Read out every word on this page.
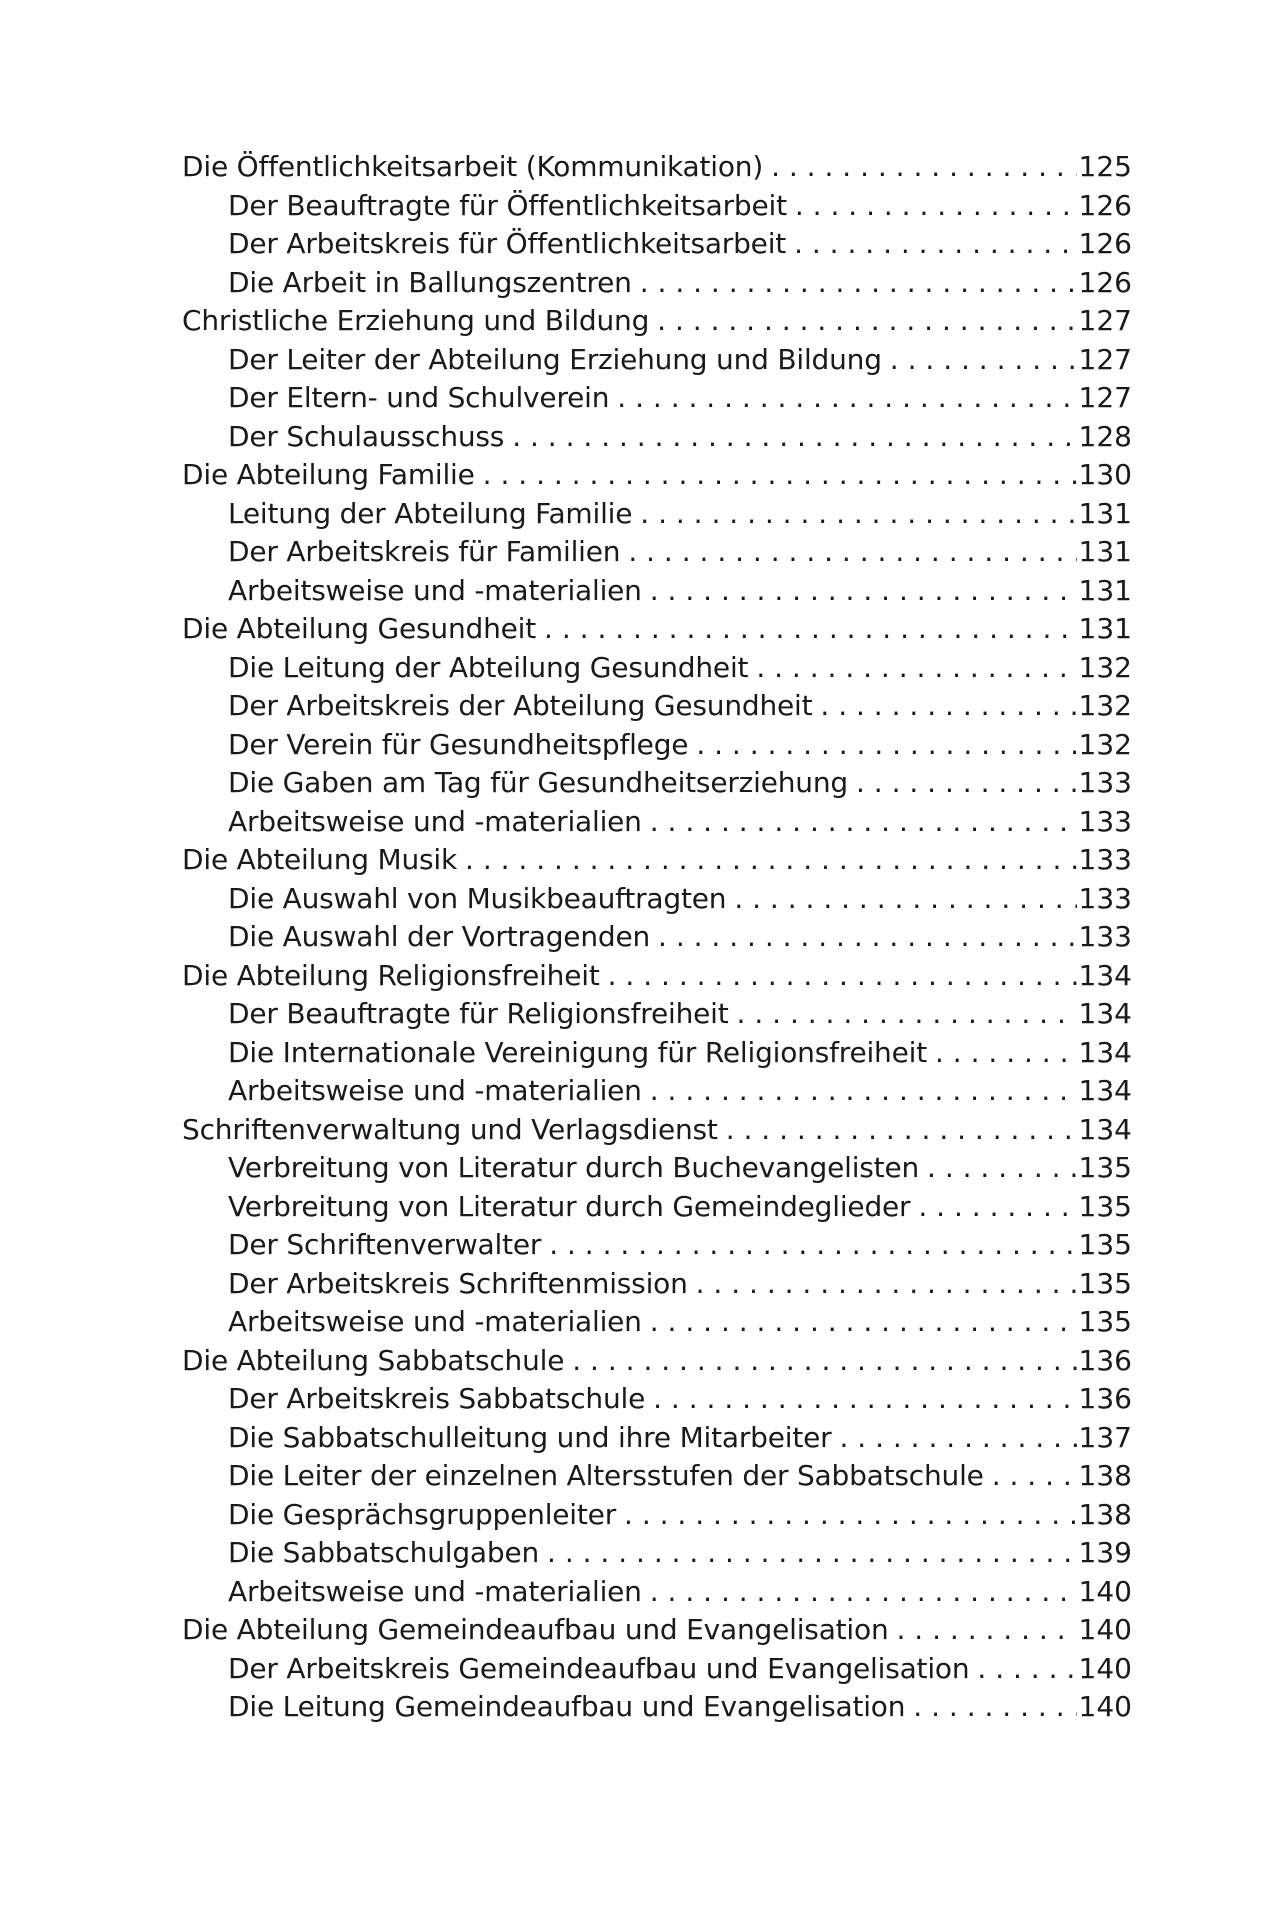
Die Öffentlichkeitsarbeit (Kommunikation) . . .	125
Der Beauftragte für Öffentlichkeitsarbeit . . .	126
Der Arbeitskreis für Öffentlichkeitsarbeit . . .	126
Die Arbeit in Ballungszentren . . .	126
Christliche Erziehung und Bildung . . .	127
Der Leiter der Abteilung Erziehung und Bildung . . .	127
Der Eltern- und Schulverein . . .	127
Der Schulausschuss . . .	128
Die Abteilung Familie . . .	130
Leitung der Abteilung Familie . . .	131
Der Arbeitskreis für Familien . . .	131
Arbeitsweise und -materialien . . .	131
Die Abteilung Gesundheit . . .	131
Die Leitung der Abteilung Gesundheit . . .	132
Der Arbeitskreis der Abteilung Gesundheit . . .	132
Der Verein für Gesundheitspflege . . .	132
Die Gaben am Tag für Gesundheitserziehung . . .	133
Arbeitsweise und -materialien . . .	133
Die Abteilung Musik . . .	133
Die Auswahl von Musikbeauftragten . . .	133
Die Auswahl der Vortragenden . . .	133
Die Abteilung Religionsfreiheit . . .	134
Der Beauftragte für Religionsfreiheit . . .	134
Die Internationale Vereinigung für Religionsfreiheit . . .	134
Arbeitsweise und -materialien . . .	134
Schriftenverwaltung und Verlagsdienst . . .	134
Verbreitung von Literatur durch Buchevangelisten . . .	135
Verbreitung von Literatur durch Gemeindeglieder . . .	135
Der Schriftenverwalter . . .	135
Der Arbeitskreis Schriftenmission . . .	135
Arbeitsweise und -materialien . . .	135
Die Abteilung Sabbatschule . . .	136
Der Arbeitskreis Sabbatschule . . .	136
Die Sabbatschulleitung und ihre Mitarbeiter . . .	137
Die Leiter der einzelnen Altersstufen der Sabbatschule . . .	138
Die Gesprächsgruppenleiter . . .	138
Die Sabbatschulgaben . . .	139
Arbeitsweise und -materialien . . .	140
Die Abteilung Gemeindeaufbau und Evangelisation . . .	140
Der Arbeitskreis Gemeindeaufbau und Evangelisation . . .	140
Die Leitung Gemeindeaufbau und Evangelisation . . .	140
